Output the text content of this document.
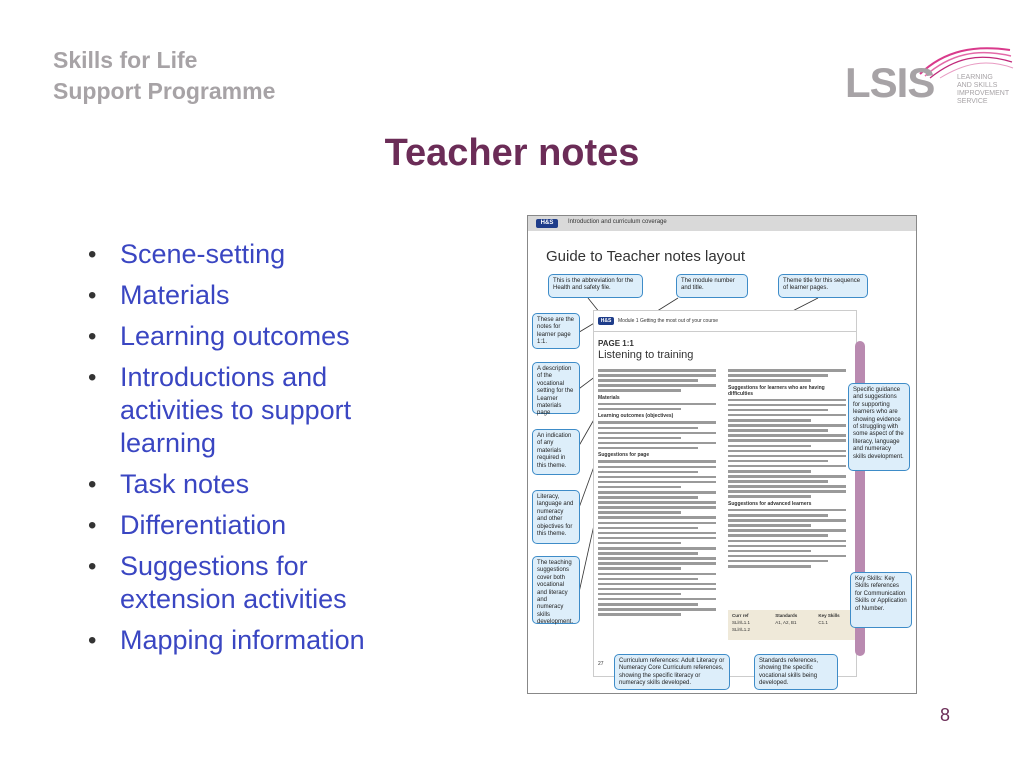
Skills for Life
Support Programme	LSIS	LEARNING
AND SKILLS
IMPROVEMENT
SERVICE
Teacher notes
• Scene-setting
• Materials
• Learning outcomes
• Introductions and activities to support learning
• Task notes
• Differentiation
• Suggestions for extension activities
• Mapping information
H&S	Introduction and curriculum coverage
Guide to Teacher notes layout
H&S	Module 1 Getting the most out of your course
PAGE 1:1
Listening to training
Materials
Learning outcomes (objectives)
Suggestions for page
Suggestions for learners who are having difficulties
Suggestions for advanced learners
Curr ref	Standards	Key Skills
SLlr/L1.1	A1, A2, B1	C1.1
SLlr/L1.2
27
This is the abbreviation for the Health and safety file.
The module number and title.
Theme title for this sequence of learner pages.
These are the notes for learner page 1:1.
A description of the vocational setting for the Learner materials page
An indication of any materials required in this theme.
Literacy, language and numeracy and other objectives for this theme.
The teaching suggestions cover both vocational and literacy and numeracy skills development.
Specific guidance and suggestions for supporting learners who are showing evidence of struggling with some aspect of the literacy, language and numeracy skills development.
Key Skills: Key Skills references for Communication Skills or Application of Number.
Curriculum references: Adult Literacy or Numeracy Core Curriculum references, showing the specific literacy or numeracy skills developed.
Standards references, showing the specific vocational skills being developed.
8
